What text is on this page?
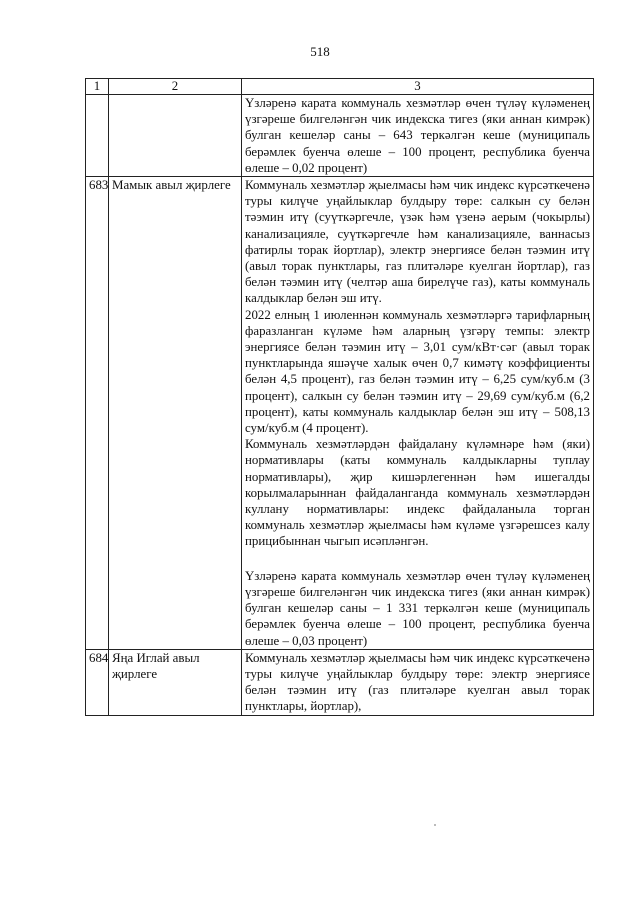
518
1	2	3

		Үзләренә карата коммуналь хезмәтләр өчен түләү күләменең үзгәреше билгеләнгән чик индекска тигез (яки аннан кимрәк) булган кешеләр саны – 643 теркәлгән кеше (муниципаль берәмлек буенча өлеше – 100 процент, республика буенча өлеше – 0,02 процент)

683	Мамык авыл җирлеге	Коммуналь хезмәтләр җыелмасы һәм чик индекс күрсәткеченә туры килүче уңайлыклар булдыру төре: салкын су белән тәэмин итү (суүткәргечле, үзәк һәм үзенә аерым (чокырлы) канализацияле, суүткәргечле һәм канализацияле, ваннасыз фатирлы торак йортлар), электр энергиясе белән тәэмин итү (авыл торак пунктлары, газ плитәләре куелган йортлар), газ белән тәэмин итү (челтәр аша бирелүче газ), каты коммуналь калдыклар белән эш итү.
2022 елның 1 июленнән коммуналь хезмәтләргә тарифларның фаразланган күләме һәм аларның үзгәрү темпы: электр энергиясе белән тәэмин итү – 3,01 сум/кВт·сәг (авыл торак пунктларында яшәүче халык өчен 0,7 кимәтү коэффициенты белән 4,5 процент), газ белән тәэмин итү – 6,25 сум/куб.м (3 процент), салкын су белән тәэмин итү – 29,69 сум/куб.м (6,2 процент), каты коммуналь калдыклар белән эш итү – 508,13 сум/куб.м (4 процент).
Коммуналь хезмәтләрдән файдалану күләмнәре һәм (яки) нормативлары (каты коммуналь калдыкларны туплау нормативлары), җир кишәрлегеннән һәм ишегалды корылмаларыннан файдаланганда коммуналь хезмәтләрдән куллану нормативлары: индекс файдаланыла торган коммуналь хезмәтләр җыелмасы һәм күләме үзгәрешсез калу прицибыннан чыгып исәпләнгән.
Үзләренә карата коммуналь хезмәтләр өчен түләү күләменең үзгәреше билгеләнгән чик индекска тигез (яки аннан кимрәк) булган кешеләр саны – 1 331 теркәлгән кеше (муниципаль берәмлек буенча өлеше – 100 процент, республика буенча өлеше – 0,03 процент)

684	Яңа Иглай авыл җирлеге	Коммуналь хезмәтләр җыелмасы һәм чик индекс күрсәткеченә туры килүче уңайлыклар булдыру төре: электр энергиясе белән тәэмин итү (газ плитәләре куелган авыл торак пунктлары, йортлар),
